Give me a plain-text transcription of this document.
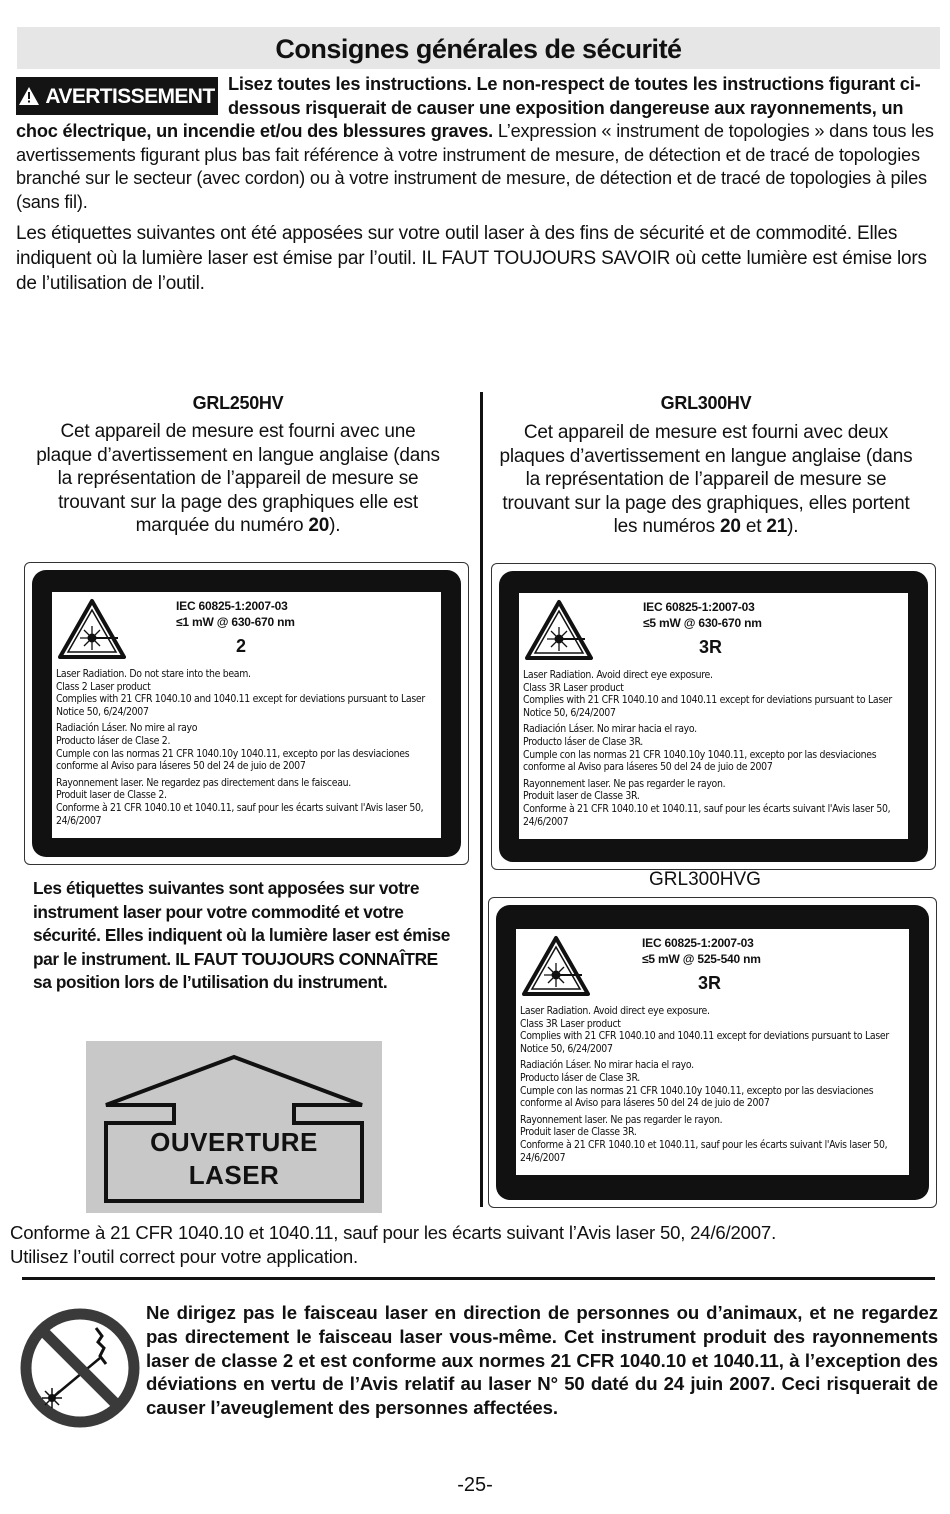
Consignes générales de sécurité
AVERTISSEMENT
Lisez toutes les instructions. Le non-respect de toutes les instructions figurant ci-dessous risquerait de causer une exposition dangereuse aux rayonnements, un choc électrique, un incendie et/ou des blessures graves. L’expression « instrument de topologies » dans tous les avertissements figurant plus bas fait référence à votre instrument de mesure, de détection et de tracé de topologies branché sur le secteur (avec cordon) ou à votre instrument de mesure, de détection et de tracé de topologies à piles (sans fil).
Les étiquettes suivantes ont été apposées sur votre outil laser à des fins de sécurité et de commodité. Elles indiquent où la lumière laser est émise par l’outil. IL FAUT TOUJOURS SAVOIR où cette lumière est émise lors de l’utilisation de l’outil.
GRL250HV
Cet appareil de mesure est fourni avec une plaque d’avertissement en langue anglaise (dans la représentation de l’appareil de mesure se trouvant sur la page des graphiques elle est marquée du numéro 20).
IEC 60825-1:2007-03
≤1 mW @ 630-670 nm
2
Laser Radiation. Do not stare into the beam.
Class 2 Laser product
Complies with 21 CFR 1040.10 and 1040.11 except for deviations pursuant to Laser Notice 50, 6/24/2007
Radiación Láser. No mire al rayo
Producto láser de Clase 2.
Cumple con las normas 21 CFR 1040.10y 1040.11, excepto por las desviaciones conforme al Aviso para láseres 50 del 24 de juio de 2007
Rayonnement laser. Ne regardez pas directement dans le faisceau.
Produit laser de Classe 2.
Conforme à 21 CFR 1040.10 et 1040.11, sauf pour les écarts suivant l'Avis laser 50, 24/6/2007
Les étiquettes suivantes sont apposées sur votre instrument laser pour votre commodité et votre sécurité. Elles indiquent où la lumière laser est émise par le instrument. IL FAUT TOUJOURS CONNAÎTRE sa position lors de l’utilisation du instrument.
OUVERTURE
LASER
GRL300HV
Cet appareil de mesure est fourni avec deux plaques d’avertissement en langue anglaise (dans la représentation de l’appareil de mesure se trouvant sur la page des graphiques, elles portent les numéros 20 et 21).
IEC 60825-1:2007-03
≤5 mW @ 630-670 nm
3R
Laser Radiation. Avoid direct eye exposure.
Class 3R Laser product
Complies with 21 CFR 1040.10 and 1040.11 except for deviations pursuant to Laser Notice 50, 6/24/2007
Radiación Láser. No mirar hacia el rayo.
Producto láser de Clase 3R.
Cumple con las normas 21 CFR 1040.10y 1040.11, excepto por las desviaciones conforme al Aviso para láseres 50 del 24 de juio de 2007
Rayonnement laser. Ne pas regarder le rayon.
Produit laser de Classe 3R.
Conforme à 21 CFR 1040.10 et 1040.11, sauf pour les écarts suivant l'Avis laser 50, 24/6/2007
GRL300HVG
IEC 60825-1:2007-03
≤5 mW @ 525-540 nm
3R
Laser Radiation. Avoid direct eye exposure.
Class 3R Laser product
Complies with 21 CFR 1040.10 and 1040.11 except for deviations pursuant to Laser Notice 50, 6/24/2007
Radiación Láser. No mirar hacia el rayo.
Producto láser de Clase 3R.
Cumple con las normas 21 CFR 1040.10y 1040.11, excepto por las desviaciones conforme al Aviso para láseres 50 del 24 de juio de 2007
Rayonnement laser. Ne pas regarder le rayon.
Produit laser de Classe 3R.
Conforme à 21 CFR 1040.10 et 1040.11, sauf pour les écarts suivant l'Avis laser 50, 24/6/2007
Conforme à 21 CFR 1040.10 et 1040.11, sauf pour les écarts suivant l’Avis laser 50, 24/6/2007.
Utilisez l’outil correct pour votre application.
Ne dirigez pas le faisceau laser en direction de personnes ou d’animaux, et ne regardez pas directement le faisceau laser vous-même. Cet instrument produit des rayonnements laser de classe 2 et est conforme aux normes 21 CFR 1040.10 et 1040.11, à l’exception des déviations en vertu de l’Avis relatif au laser N° 50 daté du 24 juin 2007. Ceci risquerait de causer l’aveuglement des personnes affectées.
-25-
